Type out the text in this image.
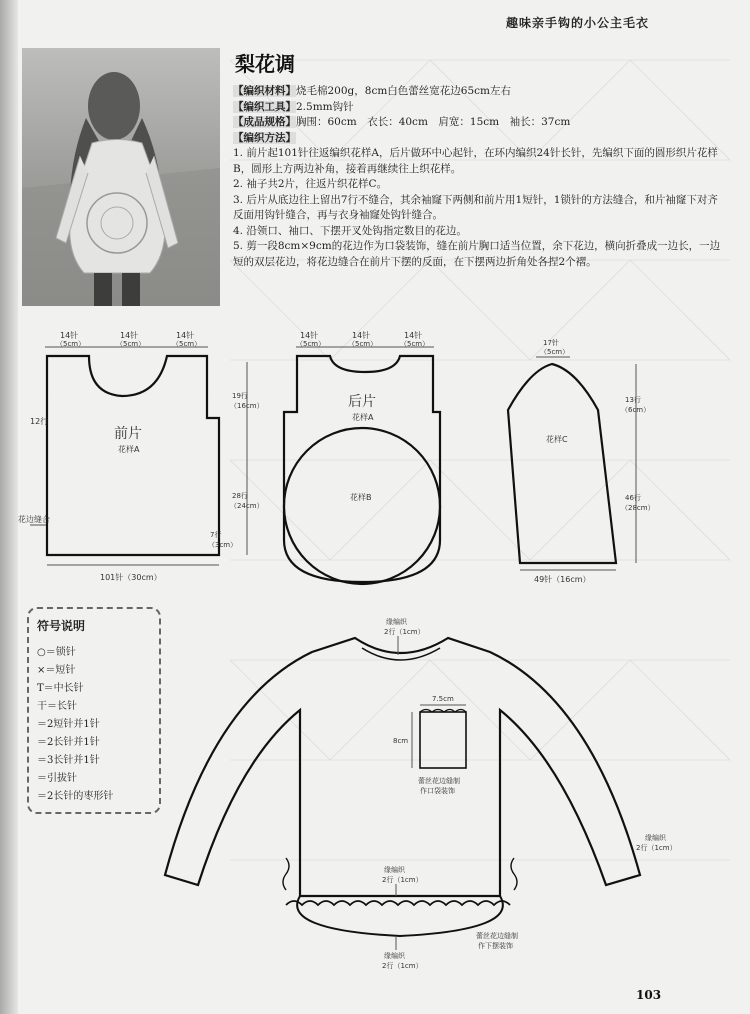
趣味亲手钩的小公主毛衣
梨花调
【编织材料】烧毛棉200g，8cm白色蕾丝宽花边65cm左右
【编织工具】2.5mm钩针
【成品规格】胸围：60cm　衣长：40cm　肩宽：15cm　袖长：37cm
【编织方法】
1. 前片起101针往返编织花样A，后片做环中心起针，在环内编织24针长针，先编织下面的圆形织片花样B，圆形上方两边补角，接着再继续往上织花样。
2. 袖子共2片，往返片织花样C。
3. 后片从底边往上留出7行不缝合，其余袖窿下两侧和前片用1短针，1锁针的方法缝合，和片袖窿下对齐反面用钩针缝合，再与衣身袖窿处钩针缝合。
4. 沿领口、袖口、下摆开叉处钩指定数目的花边。
5. 剪一段8cm×9cm的花边作为口袋装饰，缝在前片胸口适当位置，余下花边，横向折叠成一边长，一边短的双层花边，将花边缝合在前片下摆的反面，在下摆两边折角处各捏2个褶。
14针
（5cm）
14针
（5cm）
14针
（5cm）
12行
前片
花样A
花边缝合
7行
（3cm）
101针（30cm）
14针
（5cm）
14针
（5cm）
14针
（5cm）
后片
花样A
花样B
19行
（16cm）
28行
（24cm）
17针
（5cm）
花样C
13行
（6cm）
46行
（28cm）
49针（16cm）
缘编织
2行（1cm）
7.5cm
8cm
蕾丝花边缝制
作口袋装饰
缘编织
2行（1cm）
缘编织
2行（1cm）
蕾丝花边缝制
作下摆装饰
缘编织
2行（1cm）
符号说明
○＝锁针
×＝短针
T＝中长针
干＝长针
＝2短针并1针
＝2长针并1针
＝3长针并1针
＝引拔针
＝2长针的枣形针
103
